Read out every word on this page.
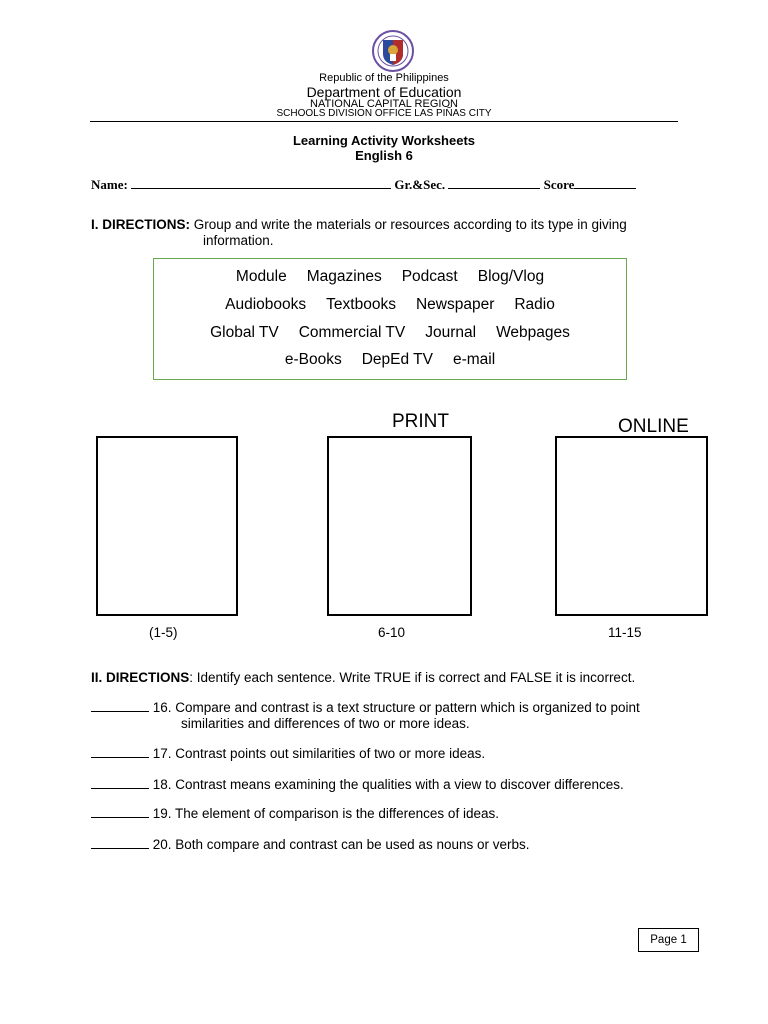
Republic of the Philippines
Department of Education
NATIONAL CAPITAL REGION
SCHOOLS DIVISION OFFICE LAS PIÑAS CITY
Learning Activity Worksheets
English 6
Name:	Gr.&Sec.	Score
I. DIRECTIONS: Group and write the materials or resources according to its type in giving
information.
Module Magazines Podcast Blog/Vlog
Audiobooks Textbooks Newspaper Radio
Global TV Commercial TV Journal Webpages
e-Books DepEd TV e-mail
PRINT	ONLINE
(1-5)	6-10	11-15
II. DIRECTIONS: Identify each sentence. Write TRUE if is correct and FALSE it is incorrect.
16. Compare and contrast is a text structure or pattern which is organized to point
similarities and differences of two or more ideas.
17. Contrast points out similarities of two or more ideas.
18. Contrast means examining the qualities with a view to discover differences.
19. The element of comparison is the differences of ideas.
20. Both compare and contrast can be used as nouns or verbs.
Page 1
